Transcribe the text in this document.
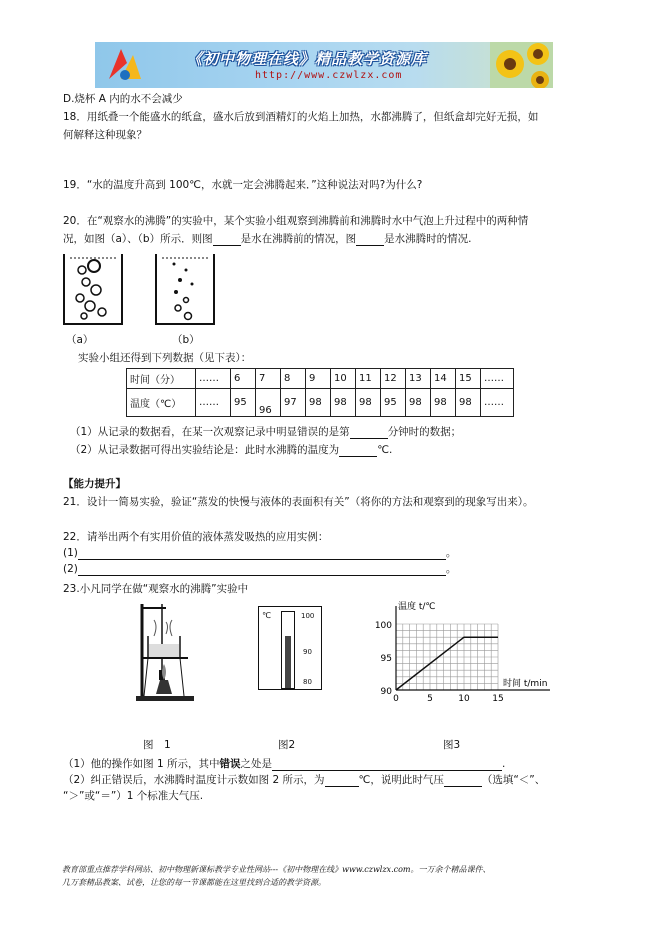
《初中物理在线》精品教学资源库
http://www.czwlzx.com
D.烧杯 A 内的水不会减少
18．用纸叠一个能盛水的纸盒，盛水后放到酒精灯的火焰上加热，水都沸腾了，但纸盒却完好无损，如
何解释这种现象？
19．“水的温度升高到 100℃，水就一定会沸腾起来．”这种说法对吗?为什么?
20．在“观察水的沸腾”的实验中，某个实验小组观察到沸腾前和沸腾时水中气泡上升过程中的两种情
况，如图（a）、（b）所示．则图	是水在沸腾前的情况，图	是水沸腾时的情况.
（a）	（b）
实验小组还得到下列数据（见下表）：
时间（分）	……	6	7	8	9	10	11	12	13	14	15	……
温度（℃）	……	95	96	97	98	98	98	95	98	98	98	……
（1）从记录的数据看，在某一次观察记录中明显错误的是第	分钟时的数据；
（2）从记录数据可得出实验结论是：此时水沸腾的温度为	℃.
【能力提升】
21．设计一简易实验，验证“蒸发的快慢与液体的表面积有关”（将你的方法和观察到的现象写出来）。
22．请举出两个有实用价值的液体蒸发吸热的应用实例：
(1)	。
(2)	。
23.小凡同学在做“观察水的沸腾”实验中
℃	100
90
80
温度 t/℃
时间 t/min
100
95
90
0	5	10	15
图　1	图2	图3
（1）他的操作如图 1 所示，其中错误之处是	.
（2）纠正错误后，水沸腾时温度计示数如图 2 所示，为	℃，说明此时气压	（选填“＜”、
“＞”或“＝”）1 个标准大气压.
教育部重点推荐学科网站、初中物理新课标教学专业性网站---《初中物理在线》www.czwlzx.com。一万余个精品课件、
几万套精品教案、试卷，让您的每一节课都能在这里找到合适的教学资源。
